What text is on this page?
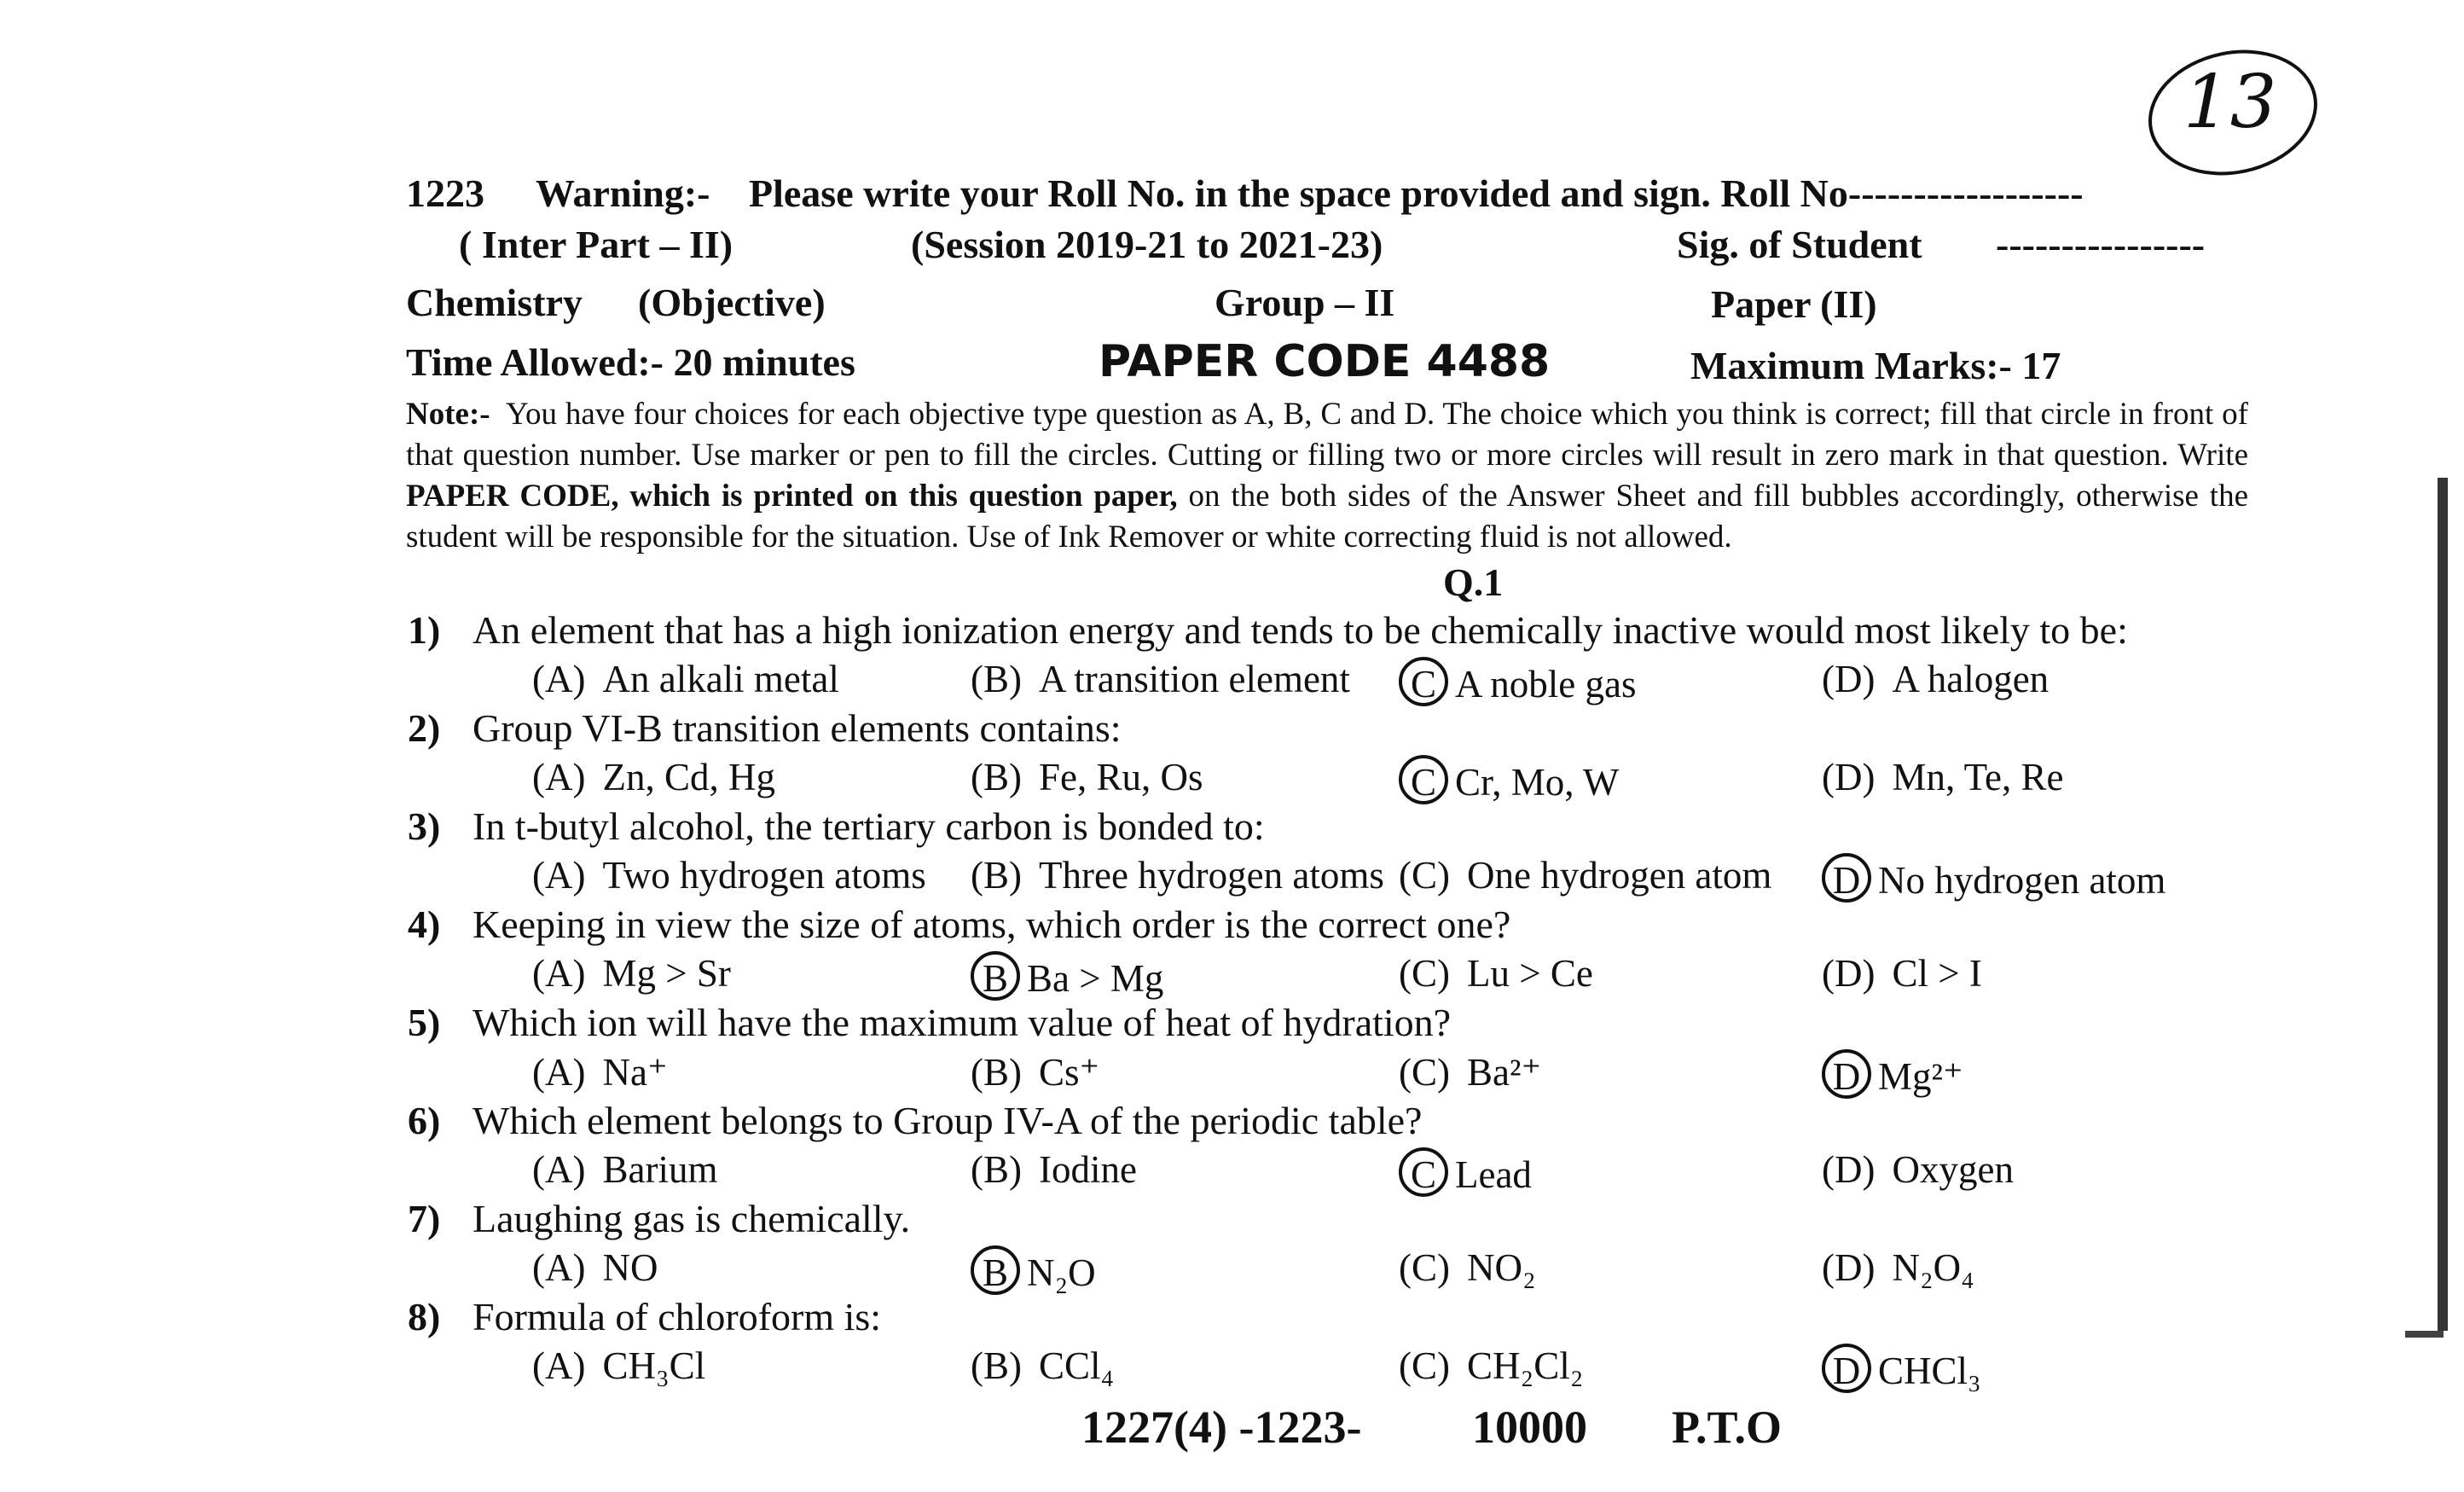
13
1223 Warning:- Please write your Roll No. in the space provided and sign. Roll No------------------
( Inter Part – II)	(Session 2019-21 to 2021-23)	Sig. of Student ----------------
Chemistry (Objective)	Group – II	Paper (II)
Time Allowed:- 20 minutes	PAPER CODE 4488	Maximum Marks:- 17
Note:- You have four choices for each objective type question as A, B, C and D. The choice which you think is correct; fill that circle in front of that question number. Use marker or pen to fill the circles. Cutting or filling two or more circles will result in zero mark in that question. Write PAPER CODE, which is printed on this question paper, on the both sides of the Answer Sheet and fill bubbles accordingly, otherwise the student will be responsible for the situation. Use of Ink Remover or white correcting fluid is not allowed.
Q.1
1) An element that has a high ionization energy and tends to be chemically inactive would most likely to be:
(A) An alkali metal	(B) A transition element	C A noble gas	(D) A halogen
2) Group VI-B transition elements contains:
(A) Zn, Cd, Hg	(B) Fe, Ru, Os	C Cr, Mo, W	(D) Mn, Te, Re
3) In t-butyl alcohol, the tertiary carbon is bonded to:
(A) Two hydrogen atoms (B) Three hydrogen atoms (C) One hydrogen atom D No hydrogen atom
4) Keeping in view the size of atoms, which order is the correct one?
(A) Mg > Sr	B Ba > Mg	(C) Lu > Ce	(D) Cl > I
5) Which ion will have the maximum value of heat of hydration?
(A) Na⁺	(B) Cs⁺	(C) Ba²⁺	D Mg²⁺
6) Which element belongs to Group IV-A of the periodic table?
(A) Barium	(B) Iodine	C Lead	(D) Oxygen
7) Laughing gas is chemically.
(A) NO	B N₂O	(C) NO₂	(D) N₂O₄
8) Formula of chloroform is:
(A) CH₃Cl	(B) CCl₄	(C) CH₂Cl₂	D CHCl₃
1227(4) -1223- 10000 P.T.O
